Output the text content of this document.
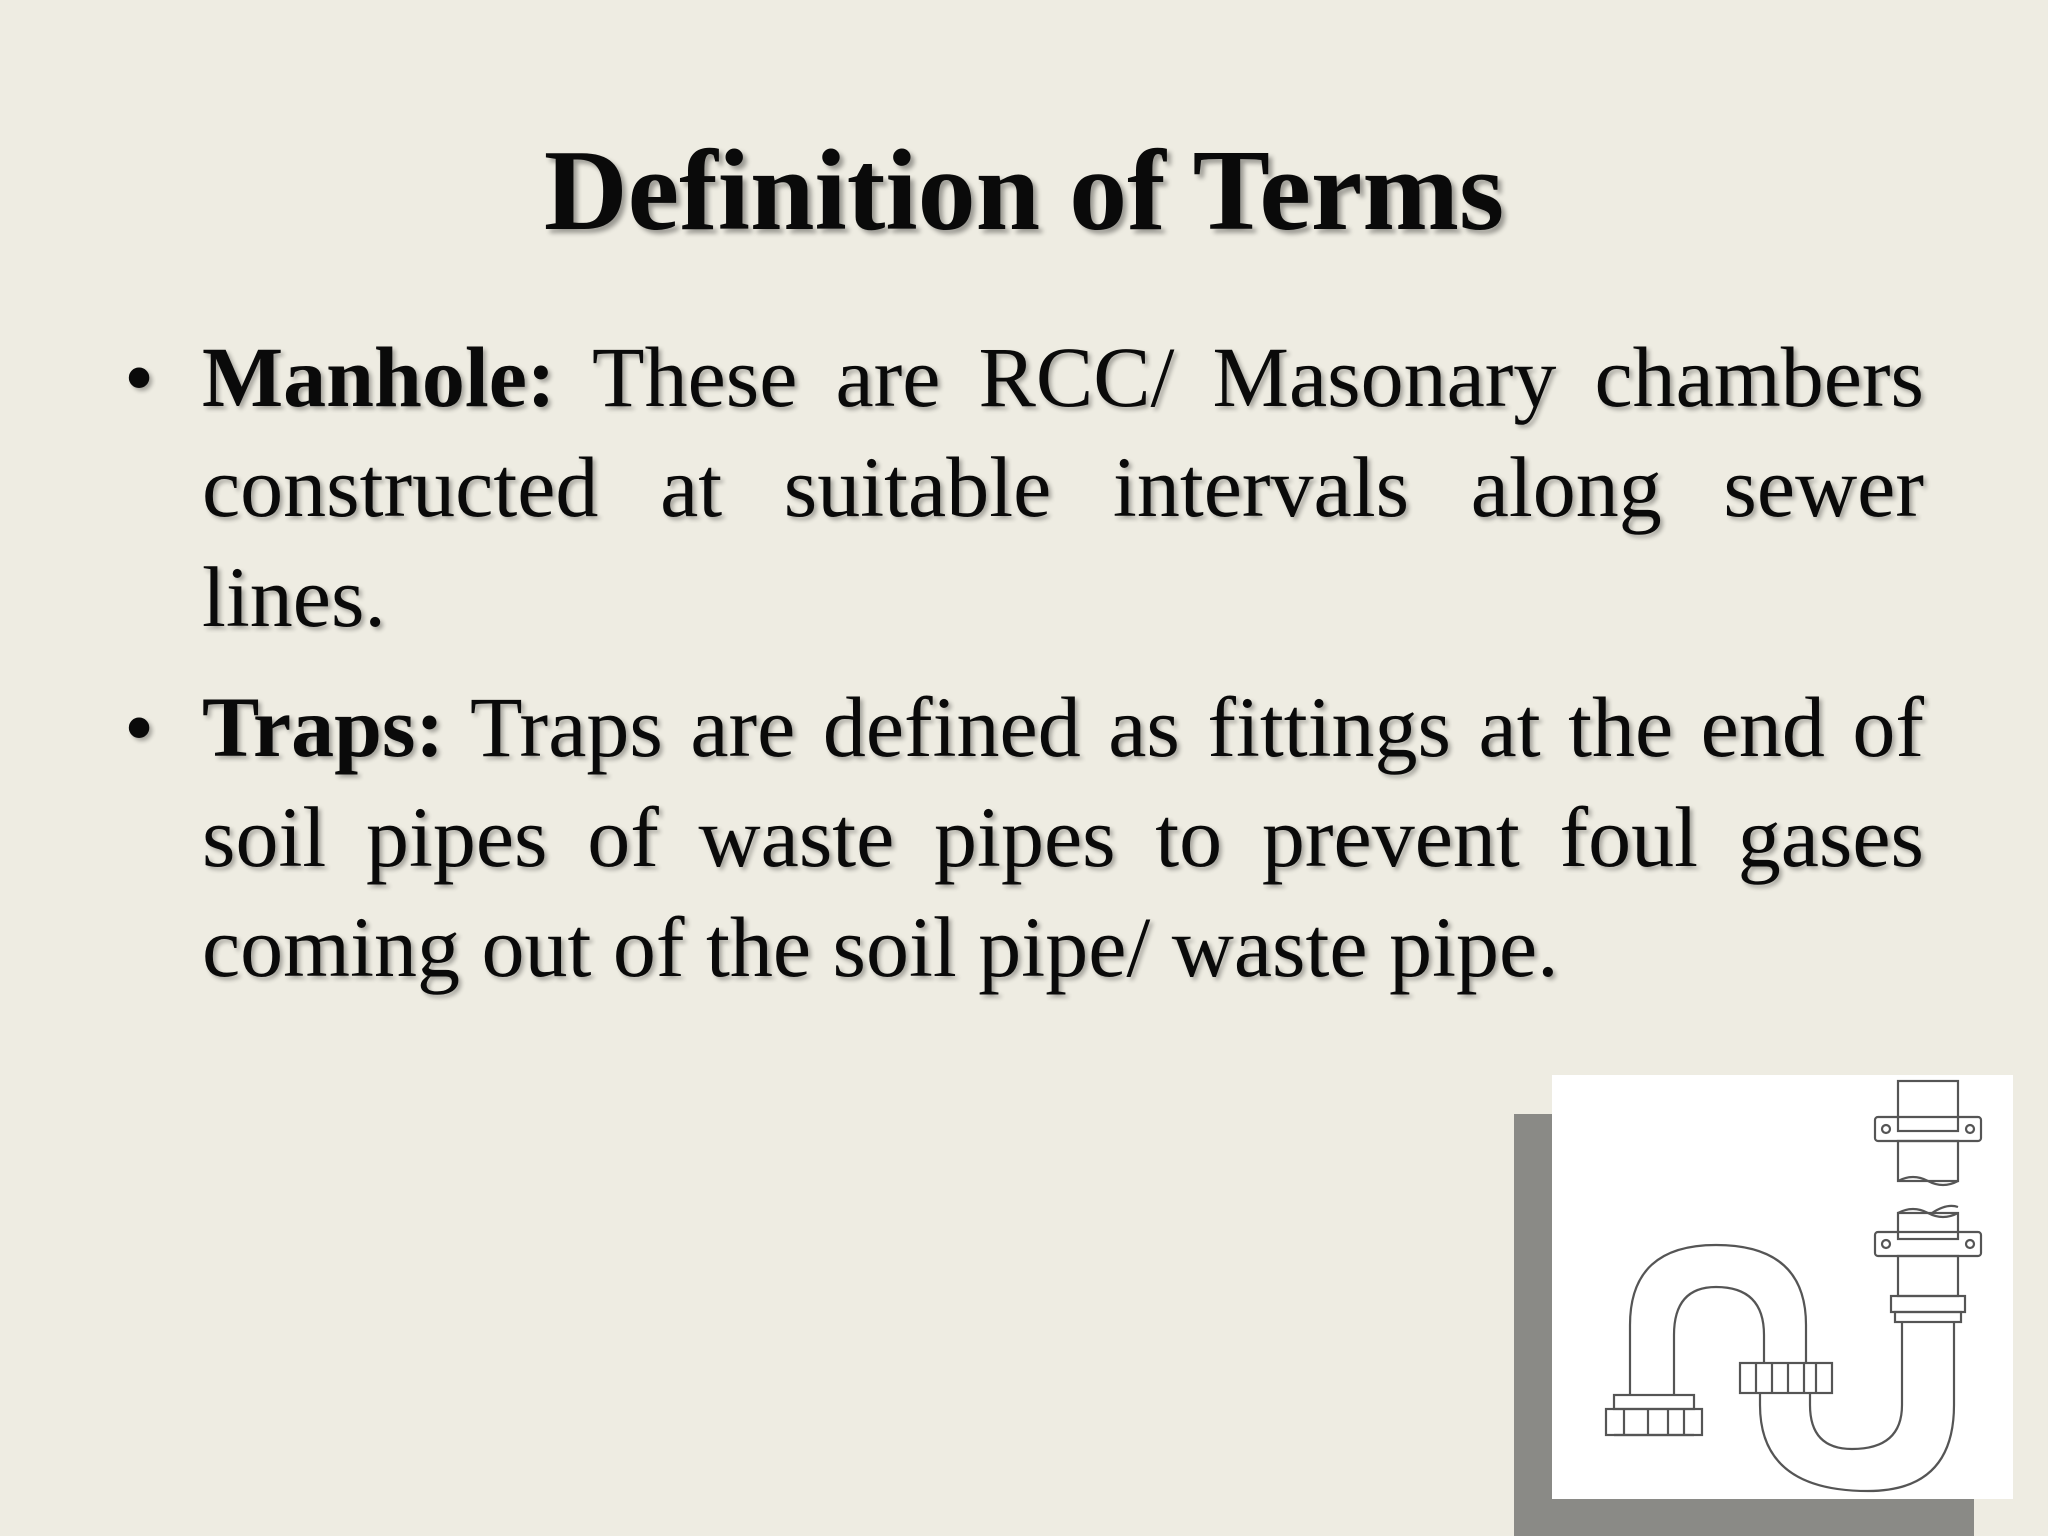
Definition of Terms
• Manhole: These are RCC/ Masonary chambers constructed at suitable intervals along sewer lines.
• Traps: Traps are defined as fittings at the end of soil pipes of waste pipes to prevent foul gases coming out of the soil pipe/ waste pipe.
